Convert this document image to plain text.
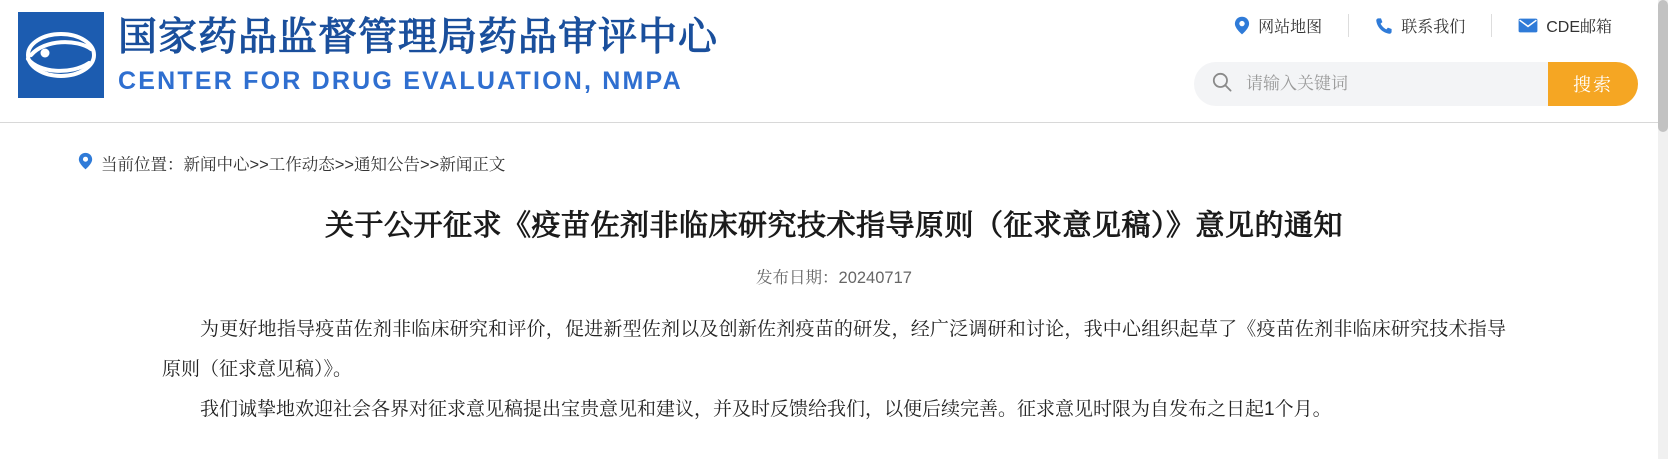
国家药品监督管理局药品审评中心
CENTER FOR DRUG EVALUATION, NMPA
网站地图	联系我们	CDE邮箱
请输入关键词
搜索
当前位置：新闻中心>>工作动态>>通知公告>>新闻正文
关于公开征求《疫苗佐剂非临床研究技术指导原则（征求意见稿）》意见的通知
发布日期：20240717

为更好地指导疫苗佐剂非临床研究和评价，促进新型佐剂以及创新佐剂疫苗的研发，经广泛调研和讨论，我中心组织起草了《疫苗佐剂非临床研究技术指导原则（征求意见稿）》。

我们诚挚地欢迎社会各界对征求意见稿提出宝贵意见和建议，并及时反馈给我们，以便后续完善。征求意见时限为自发布之日起1个月。
